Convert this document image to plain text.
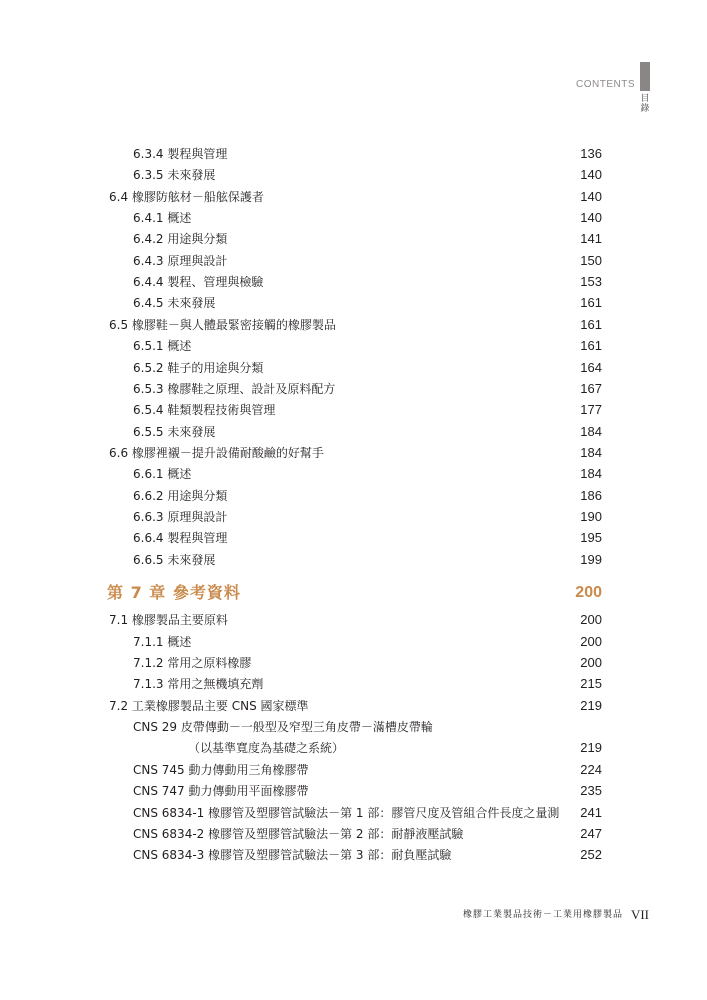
CONTENTS
目錄
6.3.4 製程與管理	136
6.3.5 未來發展	140
6.4 橡膠防舷材－船舷保護者	140
6.4.1 概述	140
6.4.2 用途與分類	141
6.4.3 原理與設計	150
6.4.4 製程、管理與檢驗	153
6.4.5 未來發展	161
6.5 橡膠鞋－與人體最緊密接觸的橡膠製品	161
6.5.1 概述	161
6.5.2 鞋子的用途與分類	164
6.5.3 橡膠鞋之原理、設計及原料配方	167
6.5.4 鞋類製程技術與管理	177
6.5.5 未來發展	184
6.6 橡膠裡襯－提升設備耐酸鹼的好幫手	184
6.6.1 概述	184
6.6.2 用途與分類	186
6.6.3 原理與設計	190
6.6.4 製程與管理	195
6.6.5 未來發展	199
第 7 章 參考資料	200
7.1 橡膠製品主要原料	200
7.1.1 概述	200
7.1.2 常用之原料橡膠	200
7.1.3 常用之無機填充劑	215
7.2 工業橡膠製品主要 CNS 國家標準	219
CNS 29 皮帶傳動－一般型及窄型三角皮帶－滿槽皮帶輪
（以基準寬度為基礎之系統）	219
CNS 745 動力傳動用三角橡膠帶	224
CNS 747 動力傳動用平面橡膠帶	235
CNS 6834-1 橡膠管及塑膠管試驗法－第 1 部：膠管尺度及管組合件長度之量測 241
CNS 6834-2 橡膠管及塑膠管試驗法－第 2 部：耐靜液壓試驗	247
CNS 6834-3 橡膠管及塑膠管試驗法－第 3 部：耐負壓試驗	252
橡膠工業製品技術－工業用橡膠製品 VII
